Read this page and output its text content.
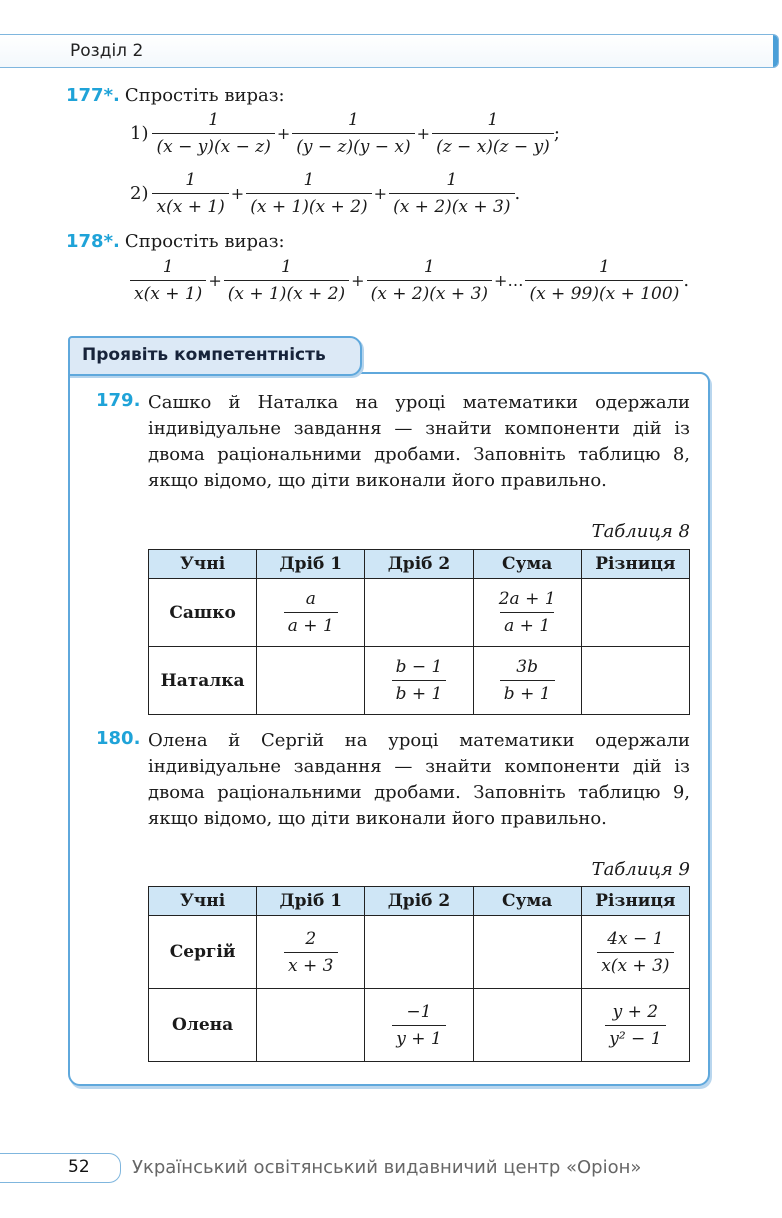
Розділ 2
177*. Спростіть вираз:
$1) \frac{1}{(x - y)(x - z)} + \frac{1}{(y - z)(y - x)} + \frac{1}{(z - x)(z - y)}$ ;
$2) \frac{1}{x(x + 1)} + \frac{1}{(x + 1)(x + 2)} + \frac{1}{(x + 2)(x + 3)}$ .
178*. Спростіть вираз:
$\frac{1}{x(x + 1)} + \frac{1}{(x + 1)(x + 2)} + \frac{1}{(x + 2)(x + 3)}$ +… $\frac{1}{(x + 99)(x + 100)}$ .
Проявіть компетентність
179. Сашко й Наталка на уроці математики одержали індивідуальне завдання — знайти компоненти дій із двома раціональними дробами. Заповніть таблицю 8, якщо відомо, що діти виконали його правильно.
Таблиця 8
Учні	Дріб 1	Дріб 2	Сума	Різниця
Сашко	$\frac{a}{a + 1}$		$\frac{2a + 1}{a + 1}$

Наталка		$\frac{b - 1}{b + 1}$	$\frac{3b}{b + 1}$

180. Олена й Сергій на уроці математики одержали індивідуальне завдання — знайти компоненти дій із двома раціональними дробами. Заповніть таблицю 9, якщо відомо, що діти виконали його правильно.
Таблиця 9
Учні	Дріб 1	Дріб 2	Сума	Різниця
Сергій	$\frac{2}{x + 3}$			$\frac{4x - 1}{x(x + 3)}$

Олена		$\frac{-1}{y + 1}$		$\frac{y + 2}{\text{y² − 1}}$
52 Український освітянський видавничий центр «Оріон»
